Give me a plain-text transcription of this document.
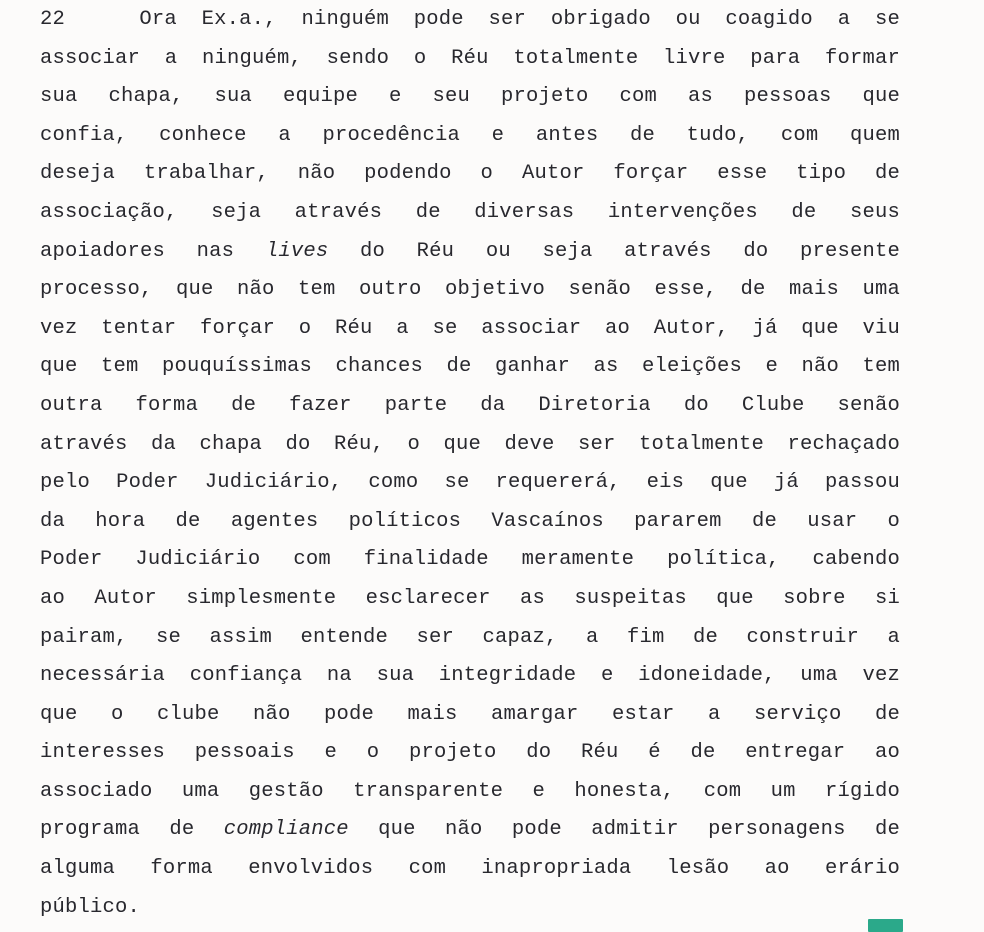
22	Ora Ex.a., ninguém pode ser obrigado ou coagido a se
associar a ninguém, sendo o Réu totalmente livre para formar
sua chapa, sua equipe e seu projeto com as pessoas que
confia, conhece a procedência e antes de tudo, com quem
deseja trabalhar, não podendo o Autor forçar esse tipo de
associação, seja através de diversas intervenções de seus
apoiadores nas lives do Réu ou seja através do presente
processo, que não tem outro objetivo senão esse, de mais uma
vez tentar forçar o Réu a se associar ao Autor, já que viu
que tem pouquíssimas chances de ganhar as eleições e não tem
outra forma de fazer parte da Diretoria do Clube senão
através da chapa do Réu, o que deve ser totalmente rechaçado
pelo Poder Judiciário, como se requererá, eis que já passou
da hora de agentes políticos Vascaínos pararem de usar o
Poder Judiciário com finalidade meramente política, cabendo
ao Autor simplesmente esclarecer as suspeitas que sobre si
pairam, se assim entende ser capaz, a fim de construir a
necessária confiança na sua integridade e idoneidade, uma vez
que o clube não pode mais amargar estar a serviço de
interesses pessoais e o projeto do Réu é de entregar ao
associado uma gestão transparente e honesta, com um rígido
programa de compliance que não pode admitir personagens de
alguma forma envolvidos com inapropriada lesão ao erário
público.
